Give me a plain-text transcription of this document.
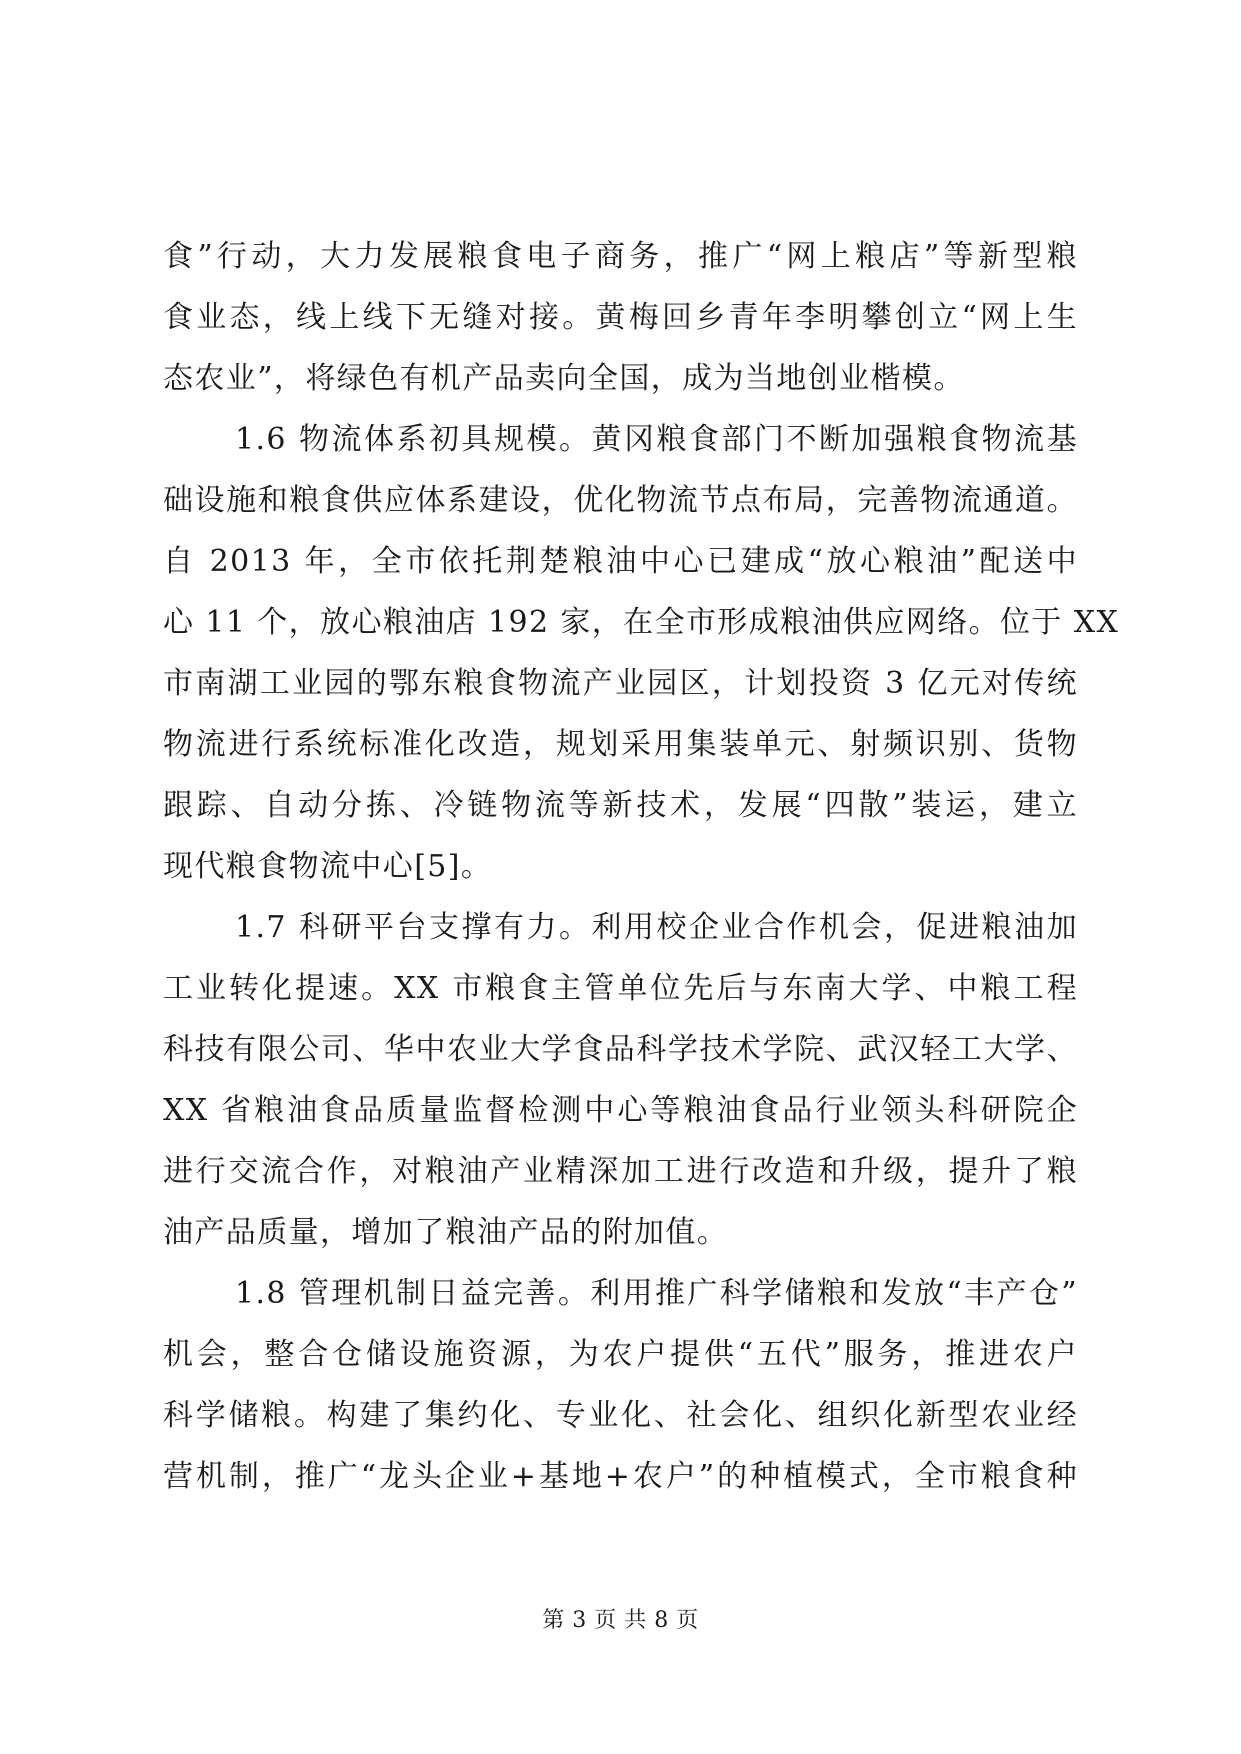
食”行动，大力发展粮食电子商务，推广“网上粮店”等新型粮
食业态，线上线下无缝对接。黄梅回乡青年李明攀创立“网上生
态农业”，将绿色有机产品卖向全国，成为当地创业楷模。
1.6 物流体系初具规模。黄冈粮食部门不断加强粮食物流基
础设施和粮食供应体系建设，优化物流节点布局，完善物流通道。
自 2013 年，全市依托荆楚粮油中心已建成“放心粮油”配送中
心 11 个，放心粮油店 192 家，在全市形成粮油供应网络。位于 XX
市南湖工业园的鄂东粮食物流产业园区，计划投资 3 亿元对传统
物流进行系统标准化改造，规划采用集装单元、射频识别、货物
跟踪、自动分拣、冷链物流等新技术，发展“四散”装运，建立
现代粮食物流中心[5]。
1.7 科研平台支撑有力。利用校企业合作机会，促进粮油加
工业转化提速。XX 市粮食主管单位先后与东南大学、中粮工程
科技有限公司、华中农业大学食品科学技术学院、武汉轻工大学、
XX 省粮油食品质量监督检测中心等粮油食品行业领头科研院企
进行交流合作，对粮油产业精深加工进行改造和升级，提升了粮
油产品质量，增加了粮油产品的附加值。
1.8 管理机制日益完善。利用推广科学储粮和发放“丰产仓”
机会，整合仓储设施资源，为农户提供“五代”服务，推进农户
科学储粮。构建了集约化、专业化、社会化、组织化新型农业经
营机制，推广“龙头企业+基地+农户”的种植模式，全市粮食种
第 3 页 共 8 页
